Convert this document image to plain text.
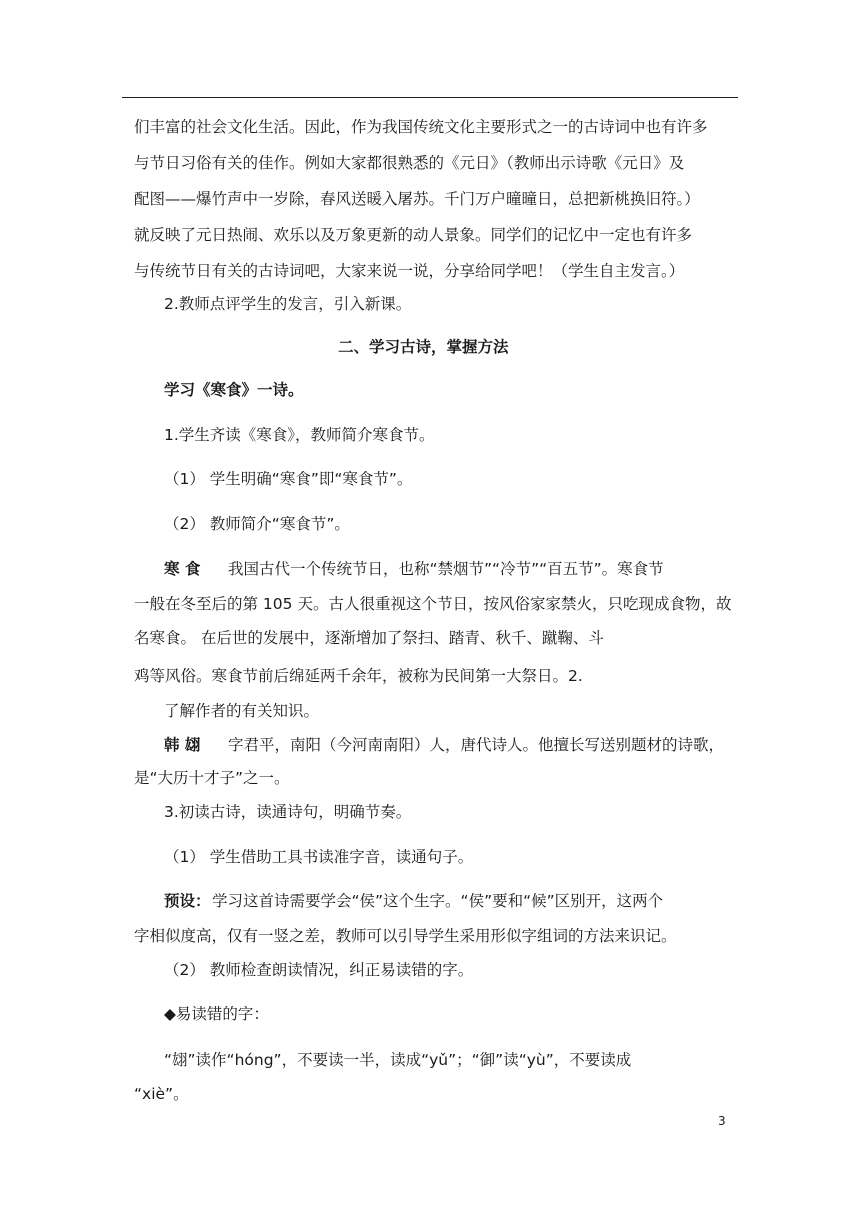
们丰富的社会文化生活。因此，作为我国传统文化主要形式之一的古诗词中也有许多
与节日习俗有关的佳作。例如大家都很熟悉的《元日》（教师出示诗歌《元日》及
配图——爆竹声中一岁除，春风送暖入屠苏。千门万户曈曈日，总把新桃换旧符。）
就反映了元日热闹、欢乐以及万象更新的动人景象。同学们的记忆中一定也有许多
与传统节日有关的古诗词吧，大家来说一说，分享给同学吧！（学生自主发言。）
2.教师点评学生的发言，引入新课。
二、学习古诗，掌握方法
学习《寒食》一诗。
1.学生齐读《寒食》，教师简介寒食节。
（1） 学生明确“寒食”即“寒食节”。
（2） 教师简介“寒食节”。
寒 食 我国古代一个传统节日，也称“禁烟节”“冷节”“百五节”。寒食节
一般在冬至后的第 105 天。古人很重视这个节日，按风俗家家禁火，只吃现成食物，故
名寒食。 在后世的发展中，逐渐增加了祭扫、踏青、秋千、蹴鞠、斗
鸡等风俗。寒食节前后绵延两千余年，被称为民间第一大祭日。2.
了解作者的有关知识。
韩 翃 字君平，南阳（今河南南阳）人，唐代诗人。他擅长写送别题材的诗歌，
是“大历十才子”之一。
3.初读古诗，读通诗句，明确节奏。
（1） 学生借助工具书读准字音，读通句子。
预设： 学习这首诗需要学会“侯”这个生字。“侯”要和“候”区别开，这两个
字相似度高，仅有一竖之差，教师可以引导学生采用形似字组词的方法来识记。
（2） 教师检查朗读情况，纠正易读错的字。
◆易读错的字：
“翃”读作“hóng”，不要读一半，读成“yǔ”；“御”读“yù”，不要读成
“xiè”。
3
